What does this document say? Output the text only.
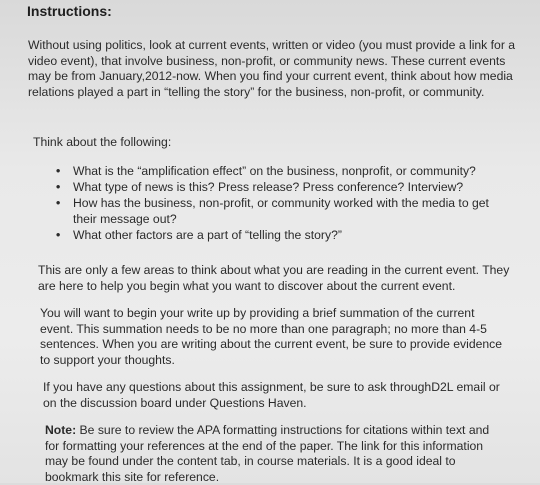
Instructions:

Without using politics, look at current events, written or video (you must provide a link for a video event), that involve business, non-profit, or community news. These current events may be from January,2012-now. When you find your current event, think about how media relations played a part in “telling the story” for the business, non-profit, or community.

Think about the following:

• What is the “amplification effect” on the business, nonprofit, or community?
• What type of news is this? Press release? Press conference? Interview?
• How has the business, non-profit, or community worked with the media to get their message out?
• What other factors are a part of “telling the story?”

This are only a few areas to think about what you are reading in the current event. They are here to help you begin what you want to discover about the current event.

You will want to begin your write up by providing a brief summation of the current event. This summation needs to be no more than one paragraph; no more than 4-5 sentences. When you are writing about the current event, be sure to provide evidence to support your thoughts.

If you have any questions about this assignment, be sure to ask throughD2L email or on the discussion board under Questions Haven.

Note: Be sure to review the APA formatting instructions for citations within text and for formatting your references at the end of the paper. The link for this information may be found under the content tab, in course materials. It is a good ideal to bookmark this site for reference.
